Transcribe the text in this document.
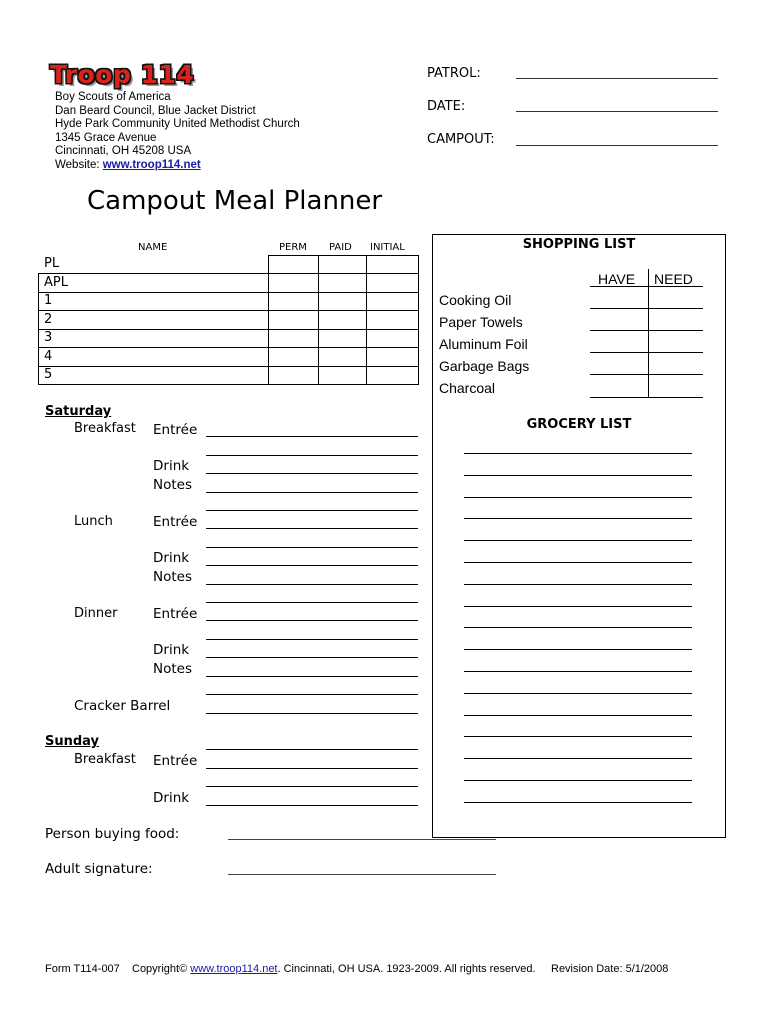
Troop 114
Boy Scouts of America
Dan Beard Council, Blue Jacket District
Hyde Park Community United Methodist Church
1345 Grace Avenue
Cincinnati, OH 45208 USA
Website: www.troop114.net
PATROL:
DATE:
CAMPOUT:
Campout Meal Planner
NAME	PERM PAID INITIAL
PL
APL
1
2
3
4
5
Saturday
Breakfast Entrée
Drink
Notes
Lunch	Entrée
Drink
Notes
Dinner	Entrée
Drink
Notes
Cracker Barrel
Sunday
Breakfast Entrée
Drink
Person buying food:
Adult signature:
SHOPPING LIST
HAVE NEED
Cooking Oil
Paper Towels
Aluminum Foil
Garbage Bags
Charcoal
GROCERY LIST
Form T114-007 Copyright© www.troop114.net. Cincinnati, OH USA. 1923-2009. All rights reserved. Revision Date: 5/1/2008
